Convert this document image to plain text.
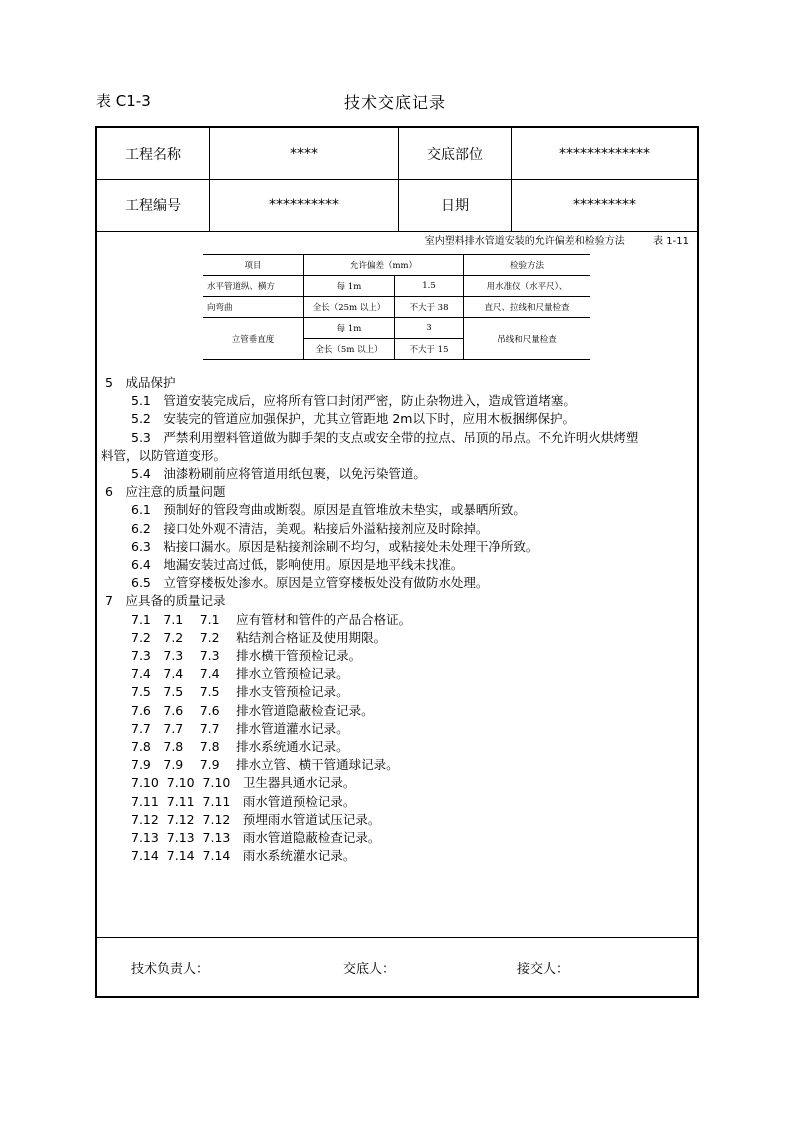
表 C1-3	技术交底记录
工程名称	****	交底部位	*************
工程编号	**********	日期	*********
室内塑料排水管道安装的允许偏差和检验方法	表 1-11
项目	允许偏差（mm）		检验方法
水平管道纵、横方	每 1m	1.5	用水准仪（水平尺）、
向弯曲	全长（25m 以上）	不大于 38	直尺、拉线和尺量检查
立管垂直度	每 1m	3	吊线和尺量检查
	全长（5m 以上）	不大于 15	
5　成品保护
5.1　管道安装完成后，应将所有管口封闭严密，防止杂物进入，造成管道堵塞。
5.2　安装完的管道应加强保护，尤其立管距地 2m以下时，应用木板捆绑保护。
5.3　严禁利用塑料管道做为脚手架的支点或安全带的拉点、吊顶的吊点。不允许明火烘烤塑
料管，以防管道变形。
5.4　油漆粉刷前应将管道用纸包裹，以免污染管道。
6　应注意的质量问题
6.1　预制好的管段弯曲或断裂。原因是直管堆放未垫实，或暴晒所致。
6.2　接口处外观不清洁，美观。粘接后外溢粘接剂应及时除掉。
6.3　粘接口漏水。原因是粘接剂涂刷不均匀，或粘接处未处理干净所致。
6.4　地漏安装过高过低，影响使用。原因是地平线未找准。
6.5　立管穿楼板处渗水。原因是立管穿楼板处没有做防水处理。
7　应具备的质量记录
7.1　7.1　 7.1　 应有管材和管件的产品合格证。
7.2　7.2　 7.2　 粘结剂合格证及使用期限。
7.3　7.3　 7.3　 排水横干管预检记录。
7.4　7.4　 7.4　 排水立管预检记录。
7.5　7.5　 7.5　 排水支管预检记录。
7.6　7.6　 7.6　 排水管道隐蔽检查记录。
7.7　7.7　 7.7　 排水管道灌水记录。
7.8　7.8　 7.8　 排水系统通水记录。
7.9　7.9　 7.9　 排水立管、横干管通球记录。
7.10  7.10  7.10　卫生器具通水记录。
7.11  7.11  7.11　雨水管道预检记录。
7.12  7.12  7.12　预埋雨水管道试压记录。
7.13  7.13  7.13　雨水管道隐蔽检查记录。
7.14  7.14  7.14　雨水系统灌水记录。
技术负责人：	交底人：	接交人：
